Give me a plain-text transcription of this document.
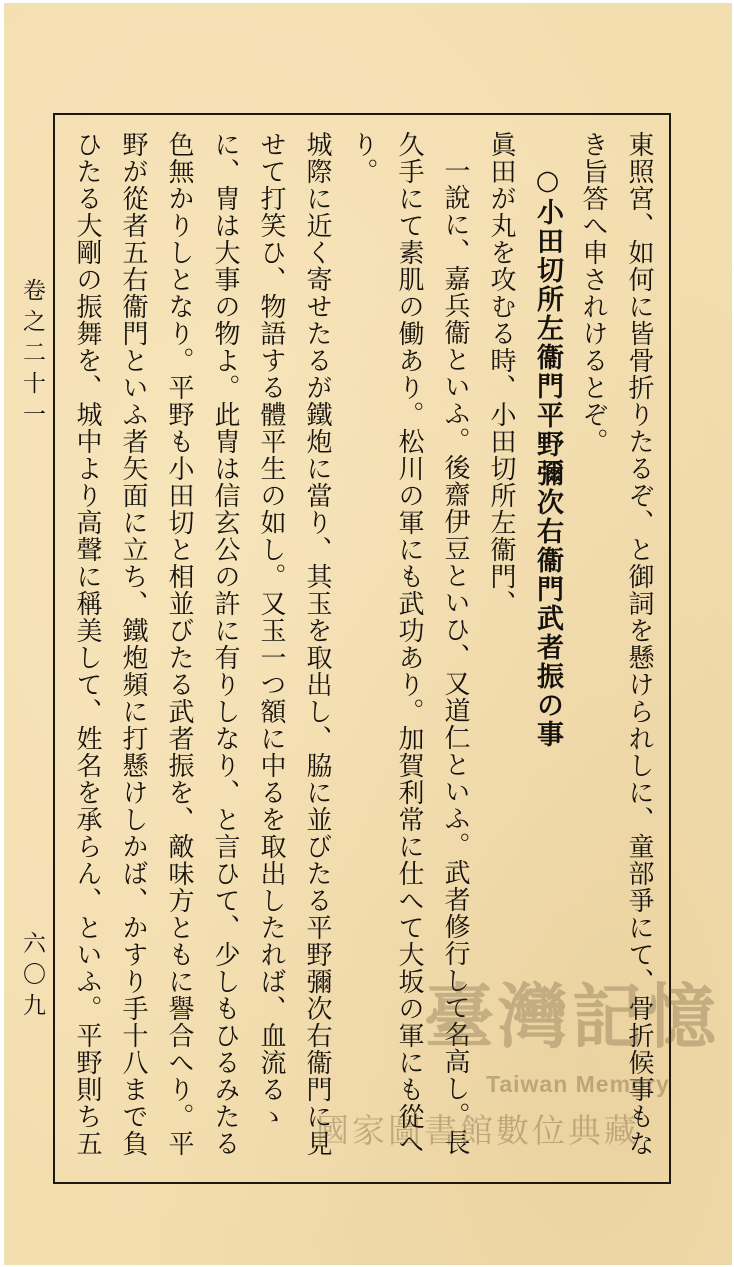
東照宮、如何に皆骨折りたるぞ、と御詞を懸けられしに、童部爭にて、骨折候事もなき旨答へ申されけるとぞ。
○小田切所左衞門平野彌次右衞門武者振の事
眞田が丸を攻むる時、小田切所左衞門、
一說に、嘉兵衞といふ。後齋伊豆といひ、又道仁といふ。武者修行して名高し。長久手にて素肌の働あり。松川の軍にも武功あり。加賀利常に仕へて大坂の軍にも從へり。
城際に近く寄せたるが鐵炮に當り、其玉を取出し、脇に並びたる平野彌次右衞門に見せて打笑ひ、物語する體平生の如し。又玉一つ額に中るを取出したれば、血流るゝに、冑は大事の物よ。此冑は信玄公の許に有りしなり、と言ひて、少しもひるみたる色無かりしとなり。平野も小田切と相並びたる武者振を、敵味方ともに譽合へり。平野が從者五右衞門といふ者矢面に立ち、鐵炮頻に打懸けしかば、かすり手十八まで負ひたる大剛の振舞を、城中より高聲に稱美して、姓名を承らん、といふ。平野則ち五
卷之二十一
六〇九	臺灣記憶
Taiwan Memory
國家圖書館數位典藏
